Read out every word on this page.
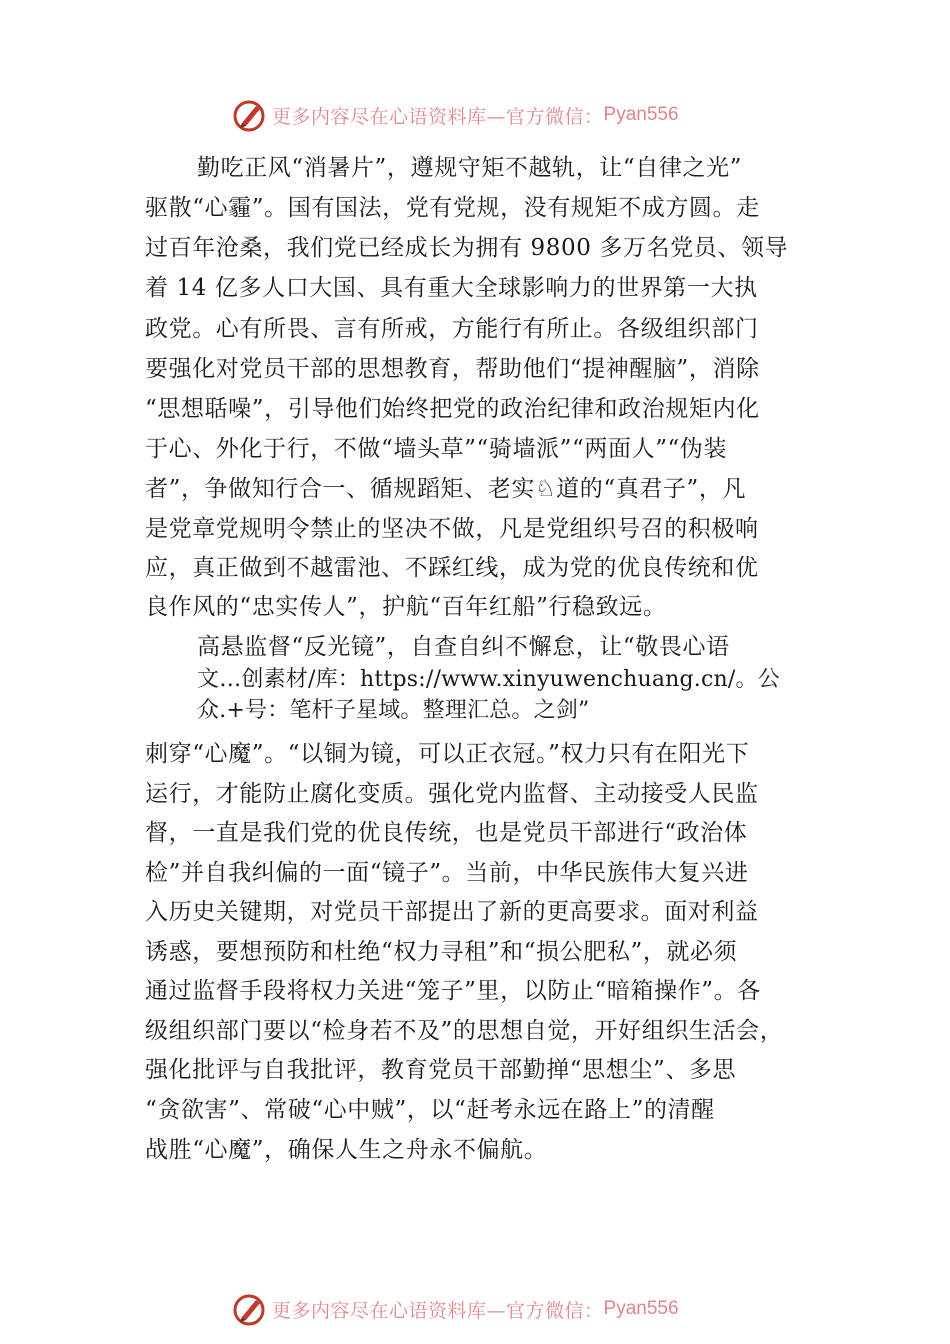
更多内容尽在心语资料库—官方微信： Pyan556
勤吃正风“消暑片”，遵规守矩不越轨，让“自律之光”
驱散“心霾”。国有国法，党有党规，没有规矩不成方圆。走
过百年沧桑，我们党已经成长为拥有 9800 多万名党员、领导
着 14 亿多人口大国、具有重大全球影响力的世界第一大执
政党。心有所畏、言有所戒，方能行有所止。各级组织部门
要强化对党员干部的思想教育，帮助他们“提神醒脑”，消除
“思想聒噪”，引导他们始终把党的政治纪律和政治规矩内化
于心、外化于行，不做“墙头草”“骑墙派”“两面人”“伪装
者”，争做知行合一、循规蹈矩、老实♘道的“真君子”，凡
是党章党规明令禁止的坚决不做，凡是党组织号召的积极响
应，真正做到不越雷池、不踩红线，成为党的优良传统和优
良作风的“忠实传人”，护航“百年红船”行稳致远。
高悬监督“反光镜”，自查自纠不懈怠，让“敬畏心语
文…创素材/库：https://www.xinyuwenchuang.cn/。公
众.+号：笔杆子星域。整理汇总。之剑”
刺穿“心魔”。“以铜为镜，可以正衣冠。”权力只有在阳光下
运行，才能防止腐化变质。强化党内监督、主动接受人民监
督，一直是我们党的优良传统，也是党员干部进行“政治体
检”并自我纠偏的一面“镜子”。当前，中华民族伟大复兴进
入历史关键期，对党员干部提出了新的更高要求。面对利益
诱惑，要想预防和杜绝“权力寻租”和“损公肥私”，就必须
通过监督手段将权力关进“笼子”里，以防止“暗箱操作”。各
级组织部门要以“检身若不及”的思想自觉，开好组织生活会，
强化批评与自我批评，教育党员干部勤掸“思想尘”、多思
“贪欲害”、常破“心中贼”，以“赶考永远在路上”的清醒
战胜“心魔”，确保人生之舟永不偏航。
更多内容尽在心语资料库—官方微信： Pyan556
